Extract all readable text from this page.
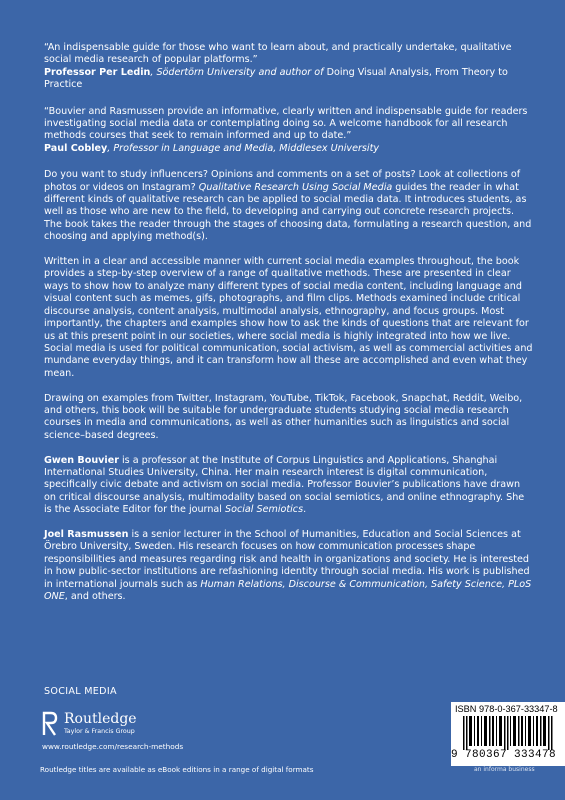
“An indispensable guide for those who want to learn about, and practically undertake, qualitative social media research of popular platforms.”
Professor Per Ledin, Södertörn University and author of Doing Visual Analysis, From Theory to Practice

“Bouvier and Rasmussen provide an informative, clearly written and indispensable guide for readers investigating social media data or contemplating doing so. A welcome handbook for all research methods courses that seek to remain informed and up to date.”
Paul Cobley, Professor in Language and Media, Middlesex University

Do you want to study influencers? Opinions and comments on a set of posts? Look at collections of photos or videos on Instagram? Qualitative Research Using Social Media guides the reader in what different kinds of qualitative research can be applied to social media data. It introduces students, as well as those who are new to the field, to developing and carrying out concrete research projects. The book takes the reader through the stages of choosing data, formulating a research question, and choosing and applying method(s).

Written in a clear and accessible manner with current social media examples throughout, the book provides a step-by-step overview of a range of qualitative methods. These are presented in clear ways to show how to analyze many different types of social media content, including language and visual content such as memes, gifs, photographs, and film clips. Methods examined include critical discourse analysis, content analysis, multimodal analysis, ethnography, and focus groups. Most importantly, the chapters and examples show how to ask the kinds of questions that are relevant for us at this present point in our societies, where social media is highly integrated into how we live. Social media is used for political communication, social activism, as well as commercial activities and mundane everyday things, and it can transform how all these are accomplished and even what they mean.

Drawing on examples from Twitter, Instagram, YouTube, TikTok, Facebook, Snapchat, Reddit, Weibo, and others, this book will be suitable for undergraduate students studying social media research courses in media and communications, as well as other humanities such as linguistics and social science–based degrees.

Gwen Bouvier is a professor at the Institute of Corpus Linguistics and Applications, Shanghai International Studies University, China. Her main research interest is digital communication, specifically civic debate and activism on social media. Professor Bouvier’s publications have drawn on critical discourse analysis, multimodality based on social semiotics, and online ethnography. She is the Associate Editor for the journal Social Semiotics.

Joel Rasmussen is a senior lecturer in the School of Humanities, Education and Social Sciences at Örebro University, Sweden. His research focuses on how communication processes shape responsibilities and measures regarding risk and health in organizations and society. He is interested in how public-sector institutions are refashioning identity through social media. His work is published in international journals such as Human Relations, Discourse & Communication, Safety Science, PLoS ONE, and others.

SOCIAL MEDIA
Routledge
Taylor & Francis Group
www.routledge.com/research-methods
Routledge titles are available as eBook editions in a range of digital formats
ISBN 978-0-367-33347-8
9 780367 333478
an informa business
